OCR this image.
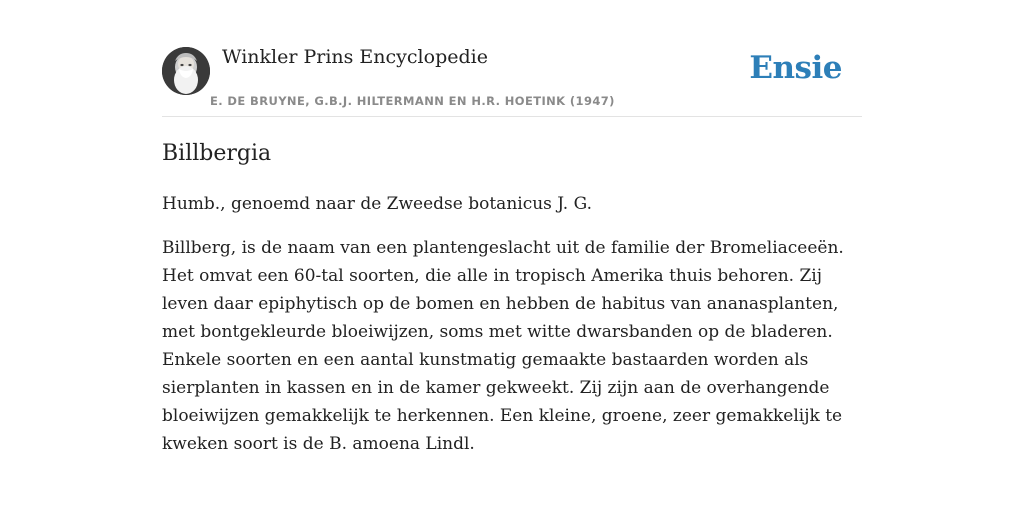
Winkler Prins Encyclopedie
E. DE BRUYNE, G.B.J. HILTERMANN EN H.R. HOETINK (1947)
Ensie
Billbergia

Humb., genoemd naar de Zweedse botanicus J. G.

Billberg, is de naam van een plantengeslacht uit de familie der Bromeliaceeën. Het omvat een 60-tal soorten, die alle in tropisch Amerika thuis behoren. Zij leven daar epiphytisch op de bomen en hebben de habitus van ananasplanten, met bontgekleurde bloeiwijzen, soms met witte dwarsbanden op de bladeren. Enkele soorten en een aantal kunstmatig gemaakte bastaarden worden als sierplanten in kassen en in de kamer gekweekt. Zij zijn aan de overhangende bloeiwijzen gemakkelijk te herkennen. Een kleine, groene, zeer gemakkelijk te kweken soort is de B. amoena Lindl.
